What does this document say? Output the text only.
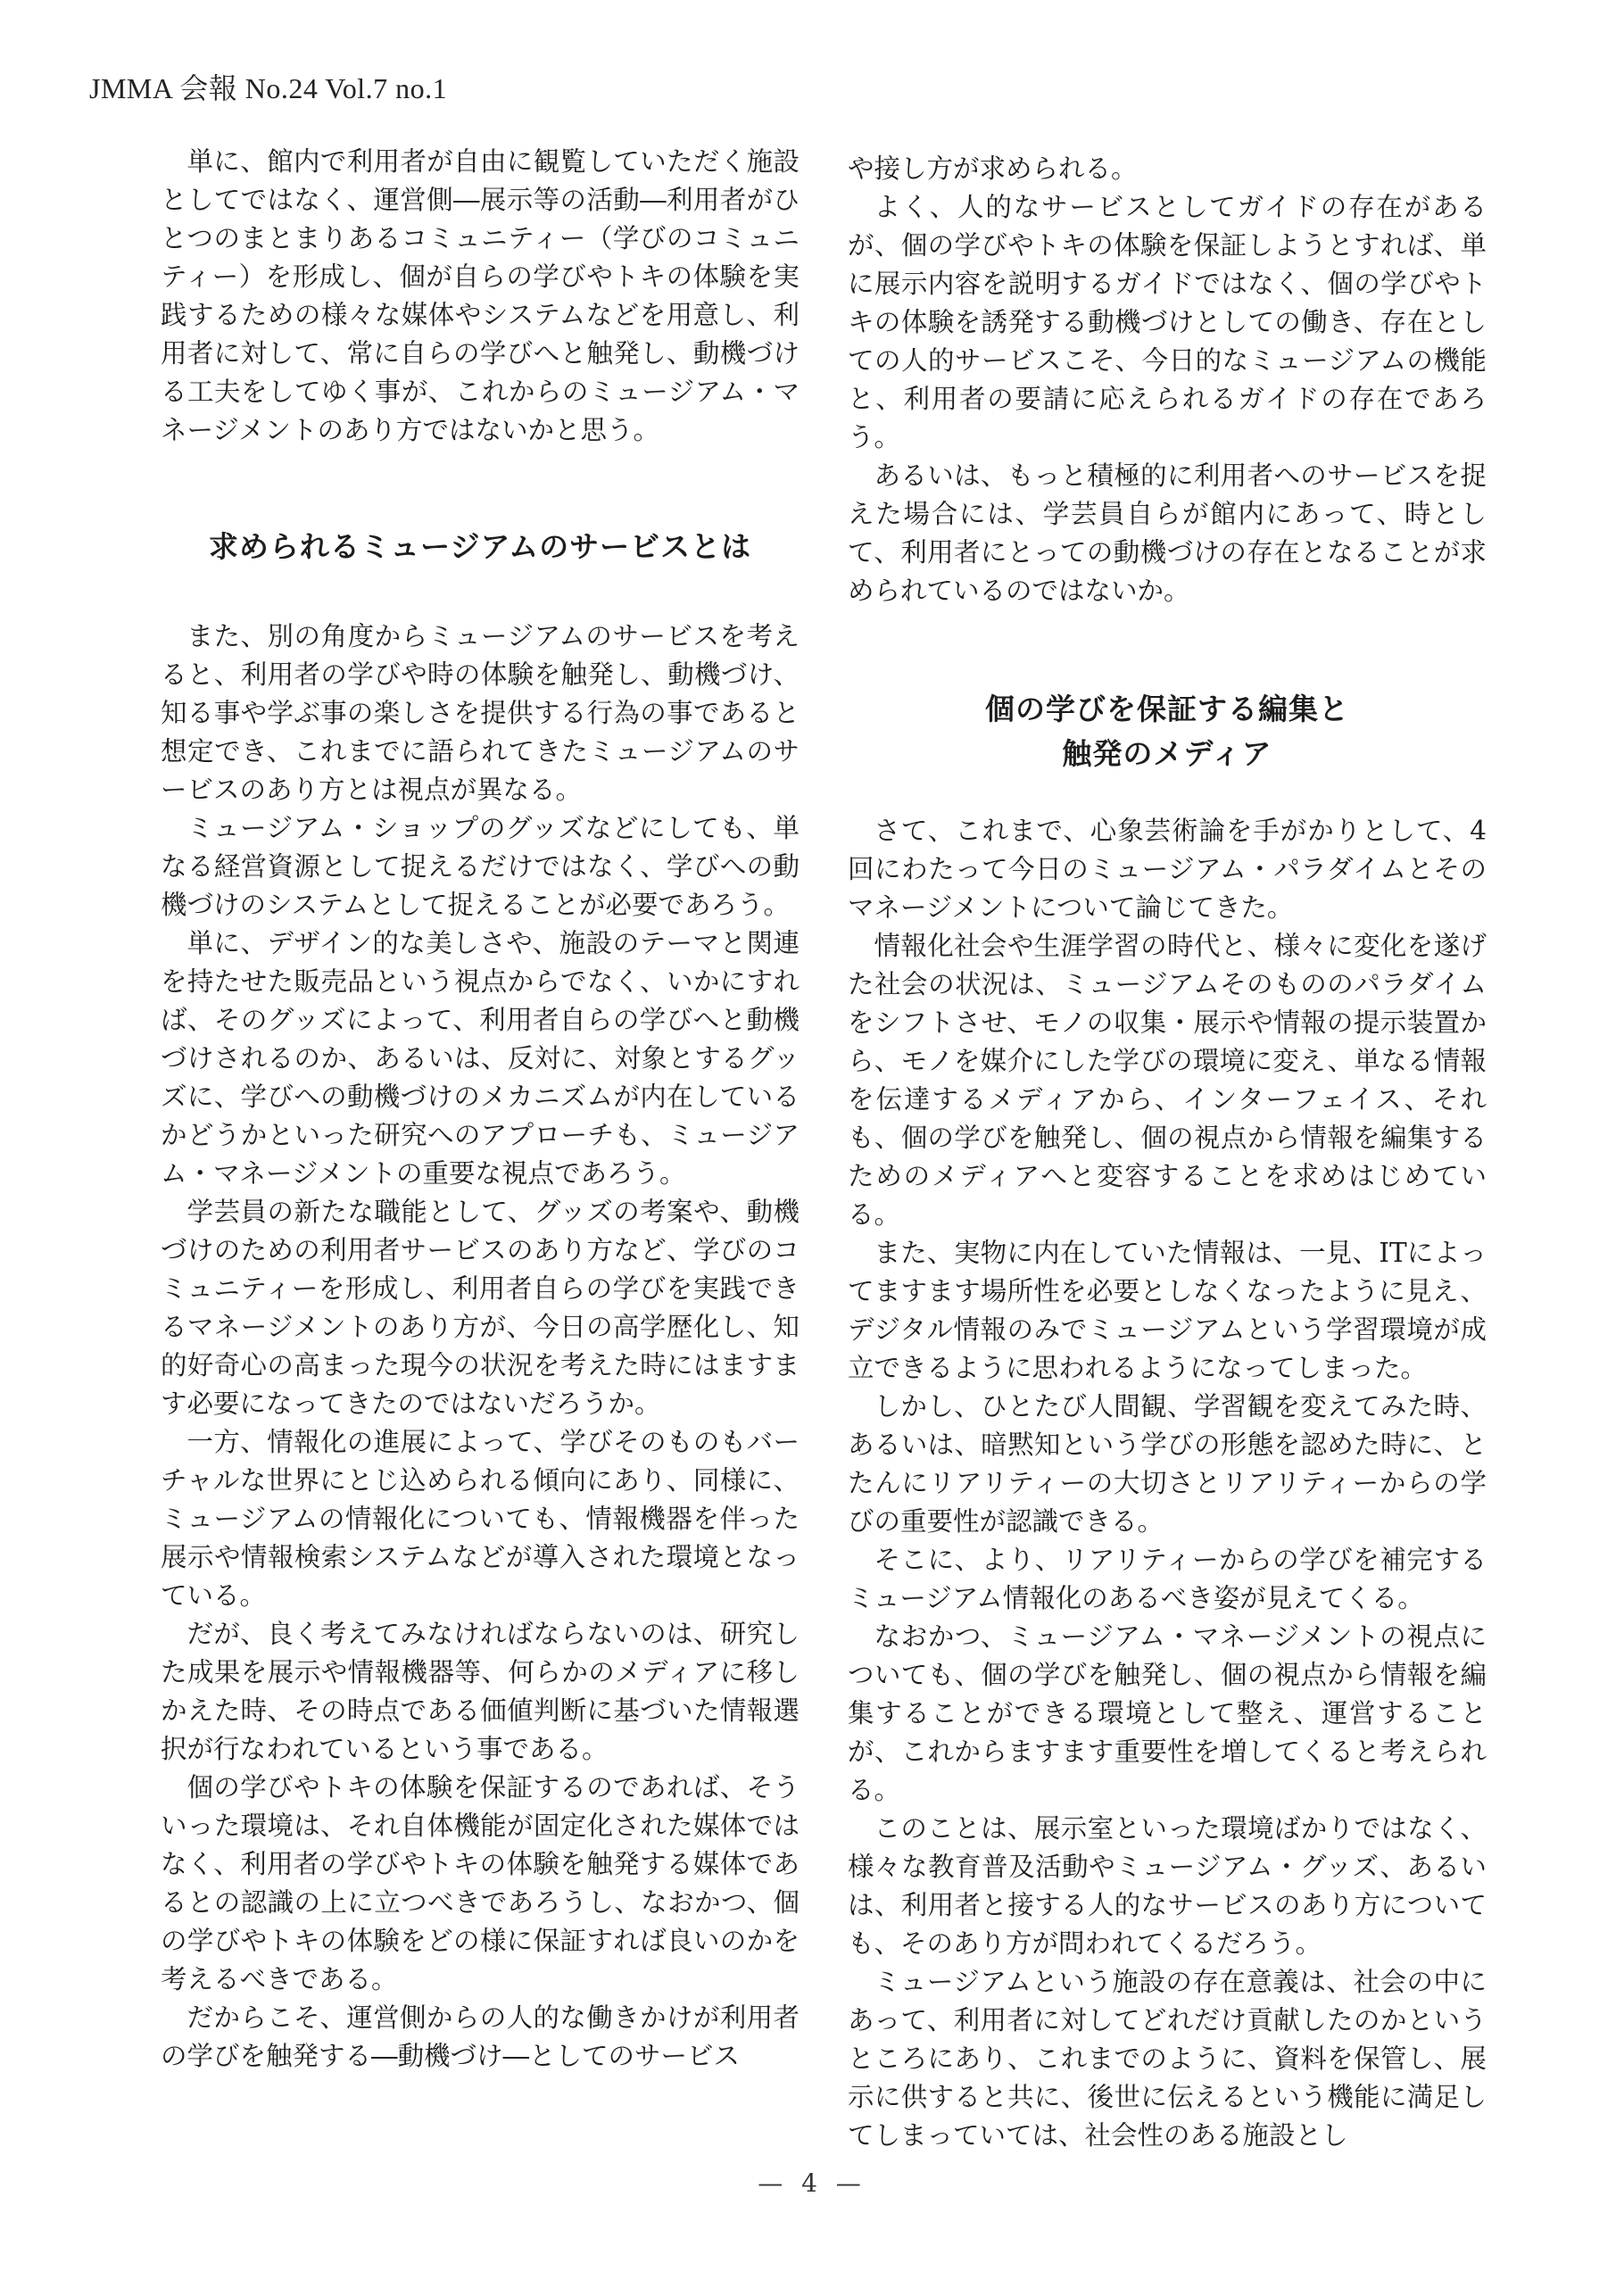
JMMA 会報 No.24 Vol.7 no.1

単に、館内で利用者が自由に観覧していただく施設としてではなく、運営側―展示等の活動―利用者がひとつのまとまりあるコミュニティー（学びのコミュニティー）を形成し、個が自らの学びやトキの体験を実践するための様々な媒体やシステムなどを用意し、利用者に対して、常に自らの学びへと触発し、動機づける工夫をしてゆく事が、これからのミュージアム・マネージメントのあり方ではないかと思う。

求められるミュージアムのサービスとは

また、別の角度からミュージアムのサービスを考えると、利用者の学びや時の体験を触発し、動機づけ、知る事や学ぶ事の楽しさを提供する行為の事であると想定でき、これまでに語られてきたミュージアムのサービスのあり方とは視点が異なる。

ミュージアム・ショップのグッズなどにしても、単なる経営資源として捉えるだけではなく、学びへの動機づけのシステムとして捉えることが必要であろう。

単に、デザイン的な美しさや、施設のテーマと関連を持たせた販売品という視点からでなく、いかにすれば、そのグッズによって、利用者自らの学びへと動機づけされるのか、あるいは、反対に、対象とするグッズに、学びへの動機づけのメカニズムが内在しているかどうかといった研究へのアプローチも、ミュージアム・マネージメントの重要な視点であろう。

学芸員の新たな職能として、グッズの考案や、動機づけのための利用者サービスのあり方など、学びのコミュニティーを形成し、利用者自らの学びを実践できるマネージメントのあり方が、今日の高学歴化し、知的好奇心の高まった現今の状況を考えた時にはますます必要になってきたのではないだろうか。

一方、情報化の進展によって、学びそのものもバーチャルな世界にとじ込められる傾向にあり、同様に、ミュージアムの情報化についても、情報機器を伴った展示や情報検索システムなどが導入された環境となっている。

だが、良く考えてみなければならないのは、研究した成果を展示や情報機器等、何らかのメディアに移しかえた時、その時点である価値判断に基づいた情報選択が行なわれているという事である。

個の学びやトキの体験を保証するのであれば、そういった環境は、それ自体機能が固定化された媒体ではなく、利用者の学びやトキの体験を触発する媒体であるとの認識の上に立つべきであろうし、なおかつ、個の学びやトキの体験をどの様に保証すれば良いのかを考えるべきである。

だからこそ、運営側からの人的な働きかけが利用者の学びを触発する―動機づけ―としてのサービス

や接し方が求められる。

よく、人的なサービスとしてガイドの存在があるが、個の学びやトキの体験を保証しようとすれば、単に展示内容を説明するガイドではなく、個の学びやトキの体験を誘発する動機づけとしての働き、存在としての人的サービスこそ、今日的なミュージアムの機能と、利用者の要請に応えられるガイドの存在であろう。

あるいは、もっと積極的に利用者へのサービスを捉えた場合には、学芸員自らが館内にあって、時として、利用者にとっての動機づけの存在となることが求められているのではないか。

個の学びを保証する編集と
触発のメディア

さて、これまで、心象芸術論を手がかりとして、4回にわたって今日のミュージアム・パラダイムとそのマネージメントについて論じてきた。

情報化社会や生涯学習の時代と、様々に変化を遂げた社会の状況は、ミュージアムそのもののパラダイムをシフトさせ、モノの収集・展示や情報の提示装置から、モノを媒介にした学びの環境に変え、単なる情報を伝達するメディアから、インターフェイス、それも、個の学びを触発し、個の視点から情報を編集するためのメディアへと変容することを求めはじめている。

また、実物に内在していた情報は、一見、ITによってますます場所性を必要としなくなったように見え、デジタル情報のみでミュージアムという学習環境が成立できるように思われるようになってしまった。

しかし、ひとたび人間観、学習観を変えてみた時、あるいは、暗黙知という学びの形態を認めた時に、とたんにリアリティーの大切さとリアリティーからの学びの重要性が認識できる。

そこに、より、リアリティーからの学びを補完するミュージアム情報化のあるべき姿が見えてくる。

なおかつ、ミュージアム・マネージメントの視点についても、個の学びを触発し、個の視点から情報を編集することができる環境として整え、運営することが、これからますます重要性を増してくると考えられる。

このことは、展示室といった環境ばかりではなく、様々な教育普及活動やミュージアム・グッズ、あるいは、利用者と接する人的なサービスのあり方についても、そのあり方が問われてくるだろう。

ミュージアムという施設の存在意義は、社会の中にあって、利用者に対してどれだけ貢献したのかというところにあり、これまでのように、資料を保管し、展示に供すると共に、後世に伝えるという機能に満足してしまっていては、社会性のある施設とし

— 4 —
